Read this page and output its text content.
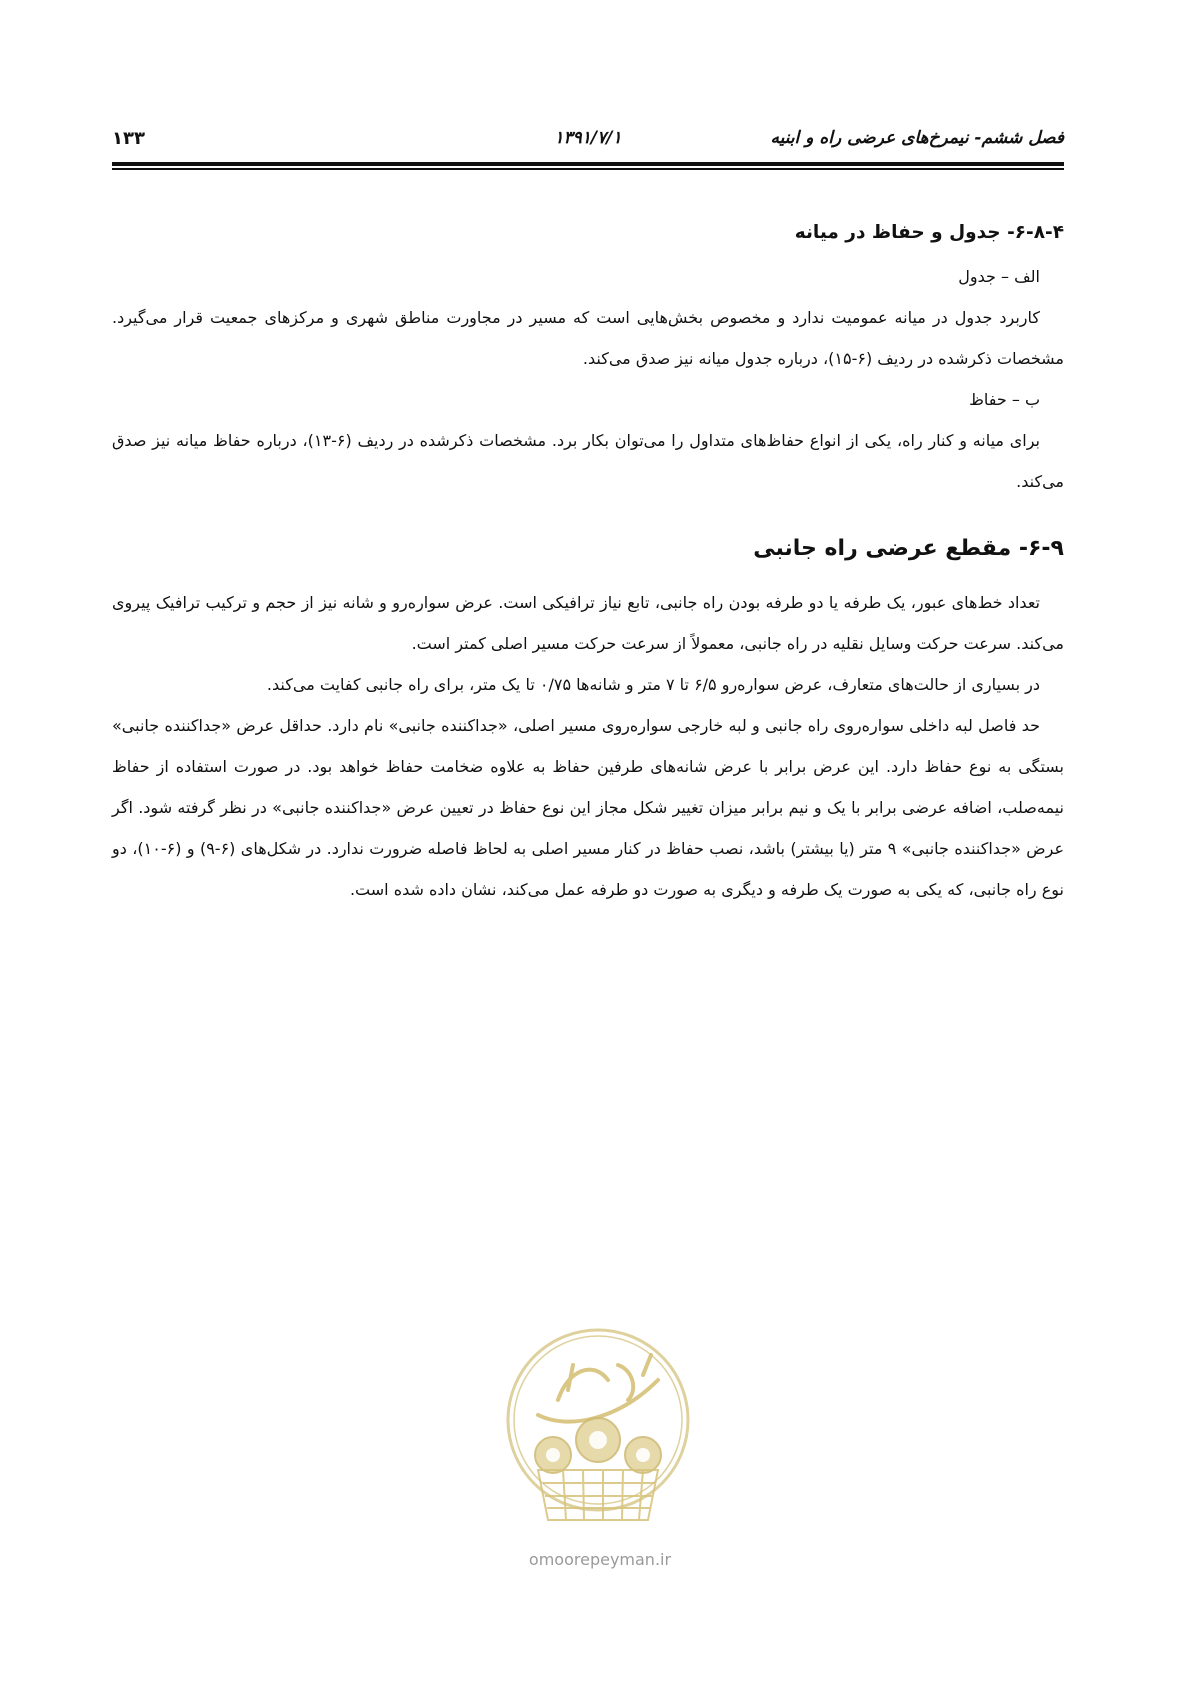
فصل ششم- نیمرخ‌های عرضی راه و ابنیه
۱۳۹۱/۷/۱
۱۳۳
۶-۸-۴- جدول و حفاظ در میانه

الف – جدول

کاربرد جدول در میانه عمومیت ندارد و مخصوص بخش‌هایی است که مسیر در مجاورت مناطق شهری و مرکزهای جمعیت قرار می‌گیرد. مشخصات ذکرشده در ردیف (۶-۱۵)، درباره جدول میانه نیز صدق می‌کند.

ب – حفاظ

برای میانه و کنار راه، یکی از انواع حفاظ‌های متداول را می‌توان بکار برد. مشخصات ذکرشده در ردیف (۶-۱۳)، درباره حفاظ میانه نیز صدق می‌کند.

۶-۹- مقطع عرضی راه جانبی

تعداد خط‌های عبور، یک طرفه یا دو طرفه بودن راه جانبی، تابع نیاز ترافیکی است. عرض سواره‌رو و شانه نیز از حجم و ترکیب ترافیک پیروی می‌کند. سرعت حرکت وسایل نقلیه در راه جانبی، معمولاً از سرعت حرکت مسیر اصلی کمتر است.

در بسیاری از حالت‌های متعارف، عرض سواره‌رو ۶/۵ تا ۷ متر و شانه‌ها ۰/۷۵ تا یک متر، برای راه جانبی کفایت می‌کند.

حد فاصل لبه داخلی سواره‌روی راه جانبی و لبه خارجی سواره‌روی مسیر اصلی، «جداکننده جانبی» نام دارد. حداقل عرض «جداکننده جانبی» بستگی به نوع حفاظ دارد. این عرض برابر با عرض شانه‌های طرفین حفاظ به علاوه ضخامت حفاظ خواهد بود. در صورت استفاده از حفاظ نیمه‌صلب، اضافه عرضی برابر با یک و نیم برابر میزان تغییر شکل مجاز این نوع حفاظ در تعیین عرض «جداکننده جانبی» در نظر گرفته شود. اگر عرض «جداکننده جانبی» ۹ متر (یا بیشتر) باشد، نصب حفاظ در کنار مسیر اصلی به لحاظ فاصله ضرورت ندارد. در شکل‌های (۶-۹) و (۶-۱۰)، دو نوع راه جانبی، که یکی به صورت یک طرفه و دیگری به صورت دو طرفه عمل می‌کند، نشان داده شده است.

omoorepeyman.ir
